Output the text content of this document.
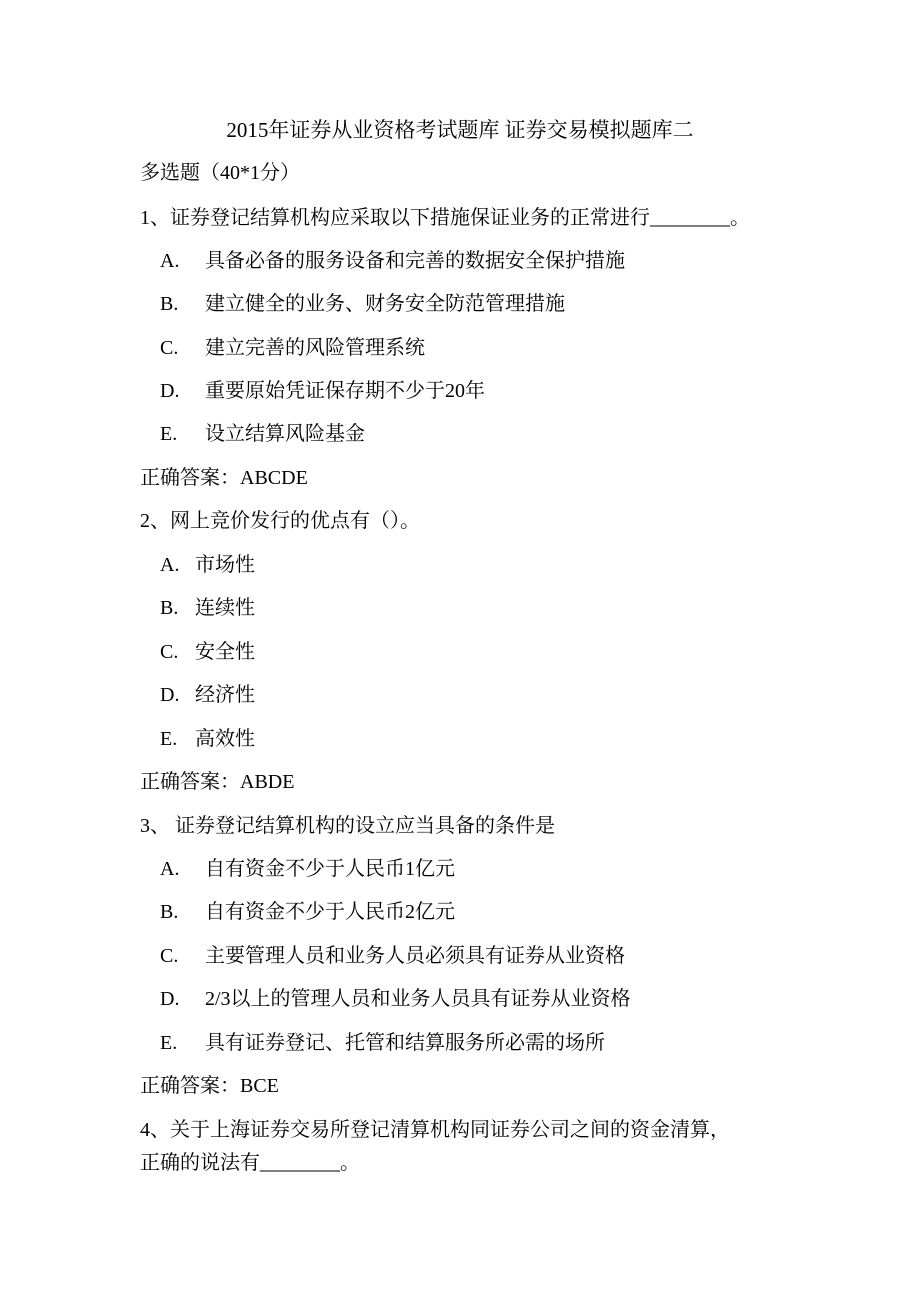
2015年证券从业资格考试题库 证券交易模拟题库二
多选题（40*1分）
1、证券登记结算机构应采取以下措施保证业务的正常进行________。
A. 具备必备的服务设备和完善的数据安全保护措施
B. 建立健全的业务、财务安全防范管理措施
C. 建立完善的风险管理系统
D. 重要原始凭证保存期不少于20年
E. 设立结算风险基金
正确答案：ABCDE
2、网上竞价发行的优点有（）。
A. 市场性
B. 连续性
C. 安全性
D. 经济性
E. 高效性
正确答案：ABDE
3、 证券登记结算机构的设立应当具备的条件是
A. 自有资金不少于人民币1亿元
B. 自有资金不少于人民币2亿元
C. 主要管理人员和业务人员必须具有证券从业资格
D. 2/3以上的管理人员和业务人员具有证券从业资格
E. 具有证券登记、托管和结算服务所必需的场所
正确答案：BCE
4、关于上海证券交易所登记清算机构同证券公司之间的资金清算，
正确的说法有________。
